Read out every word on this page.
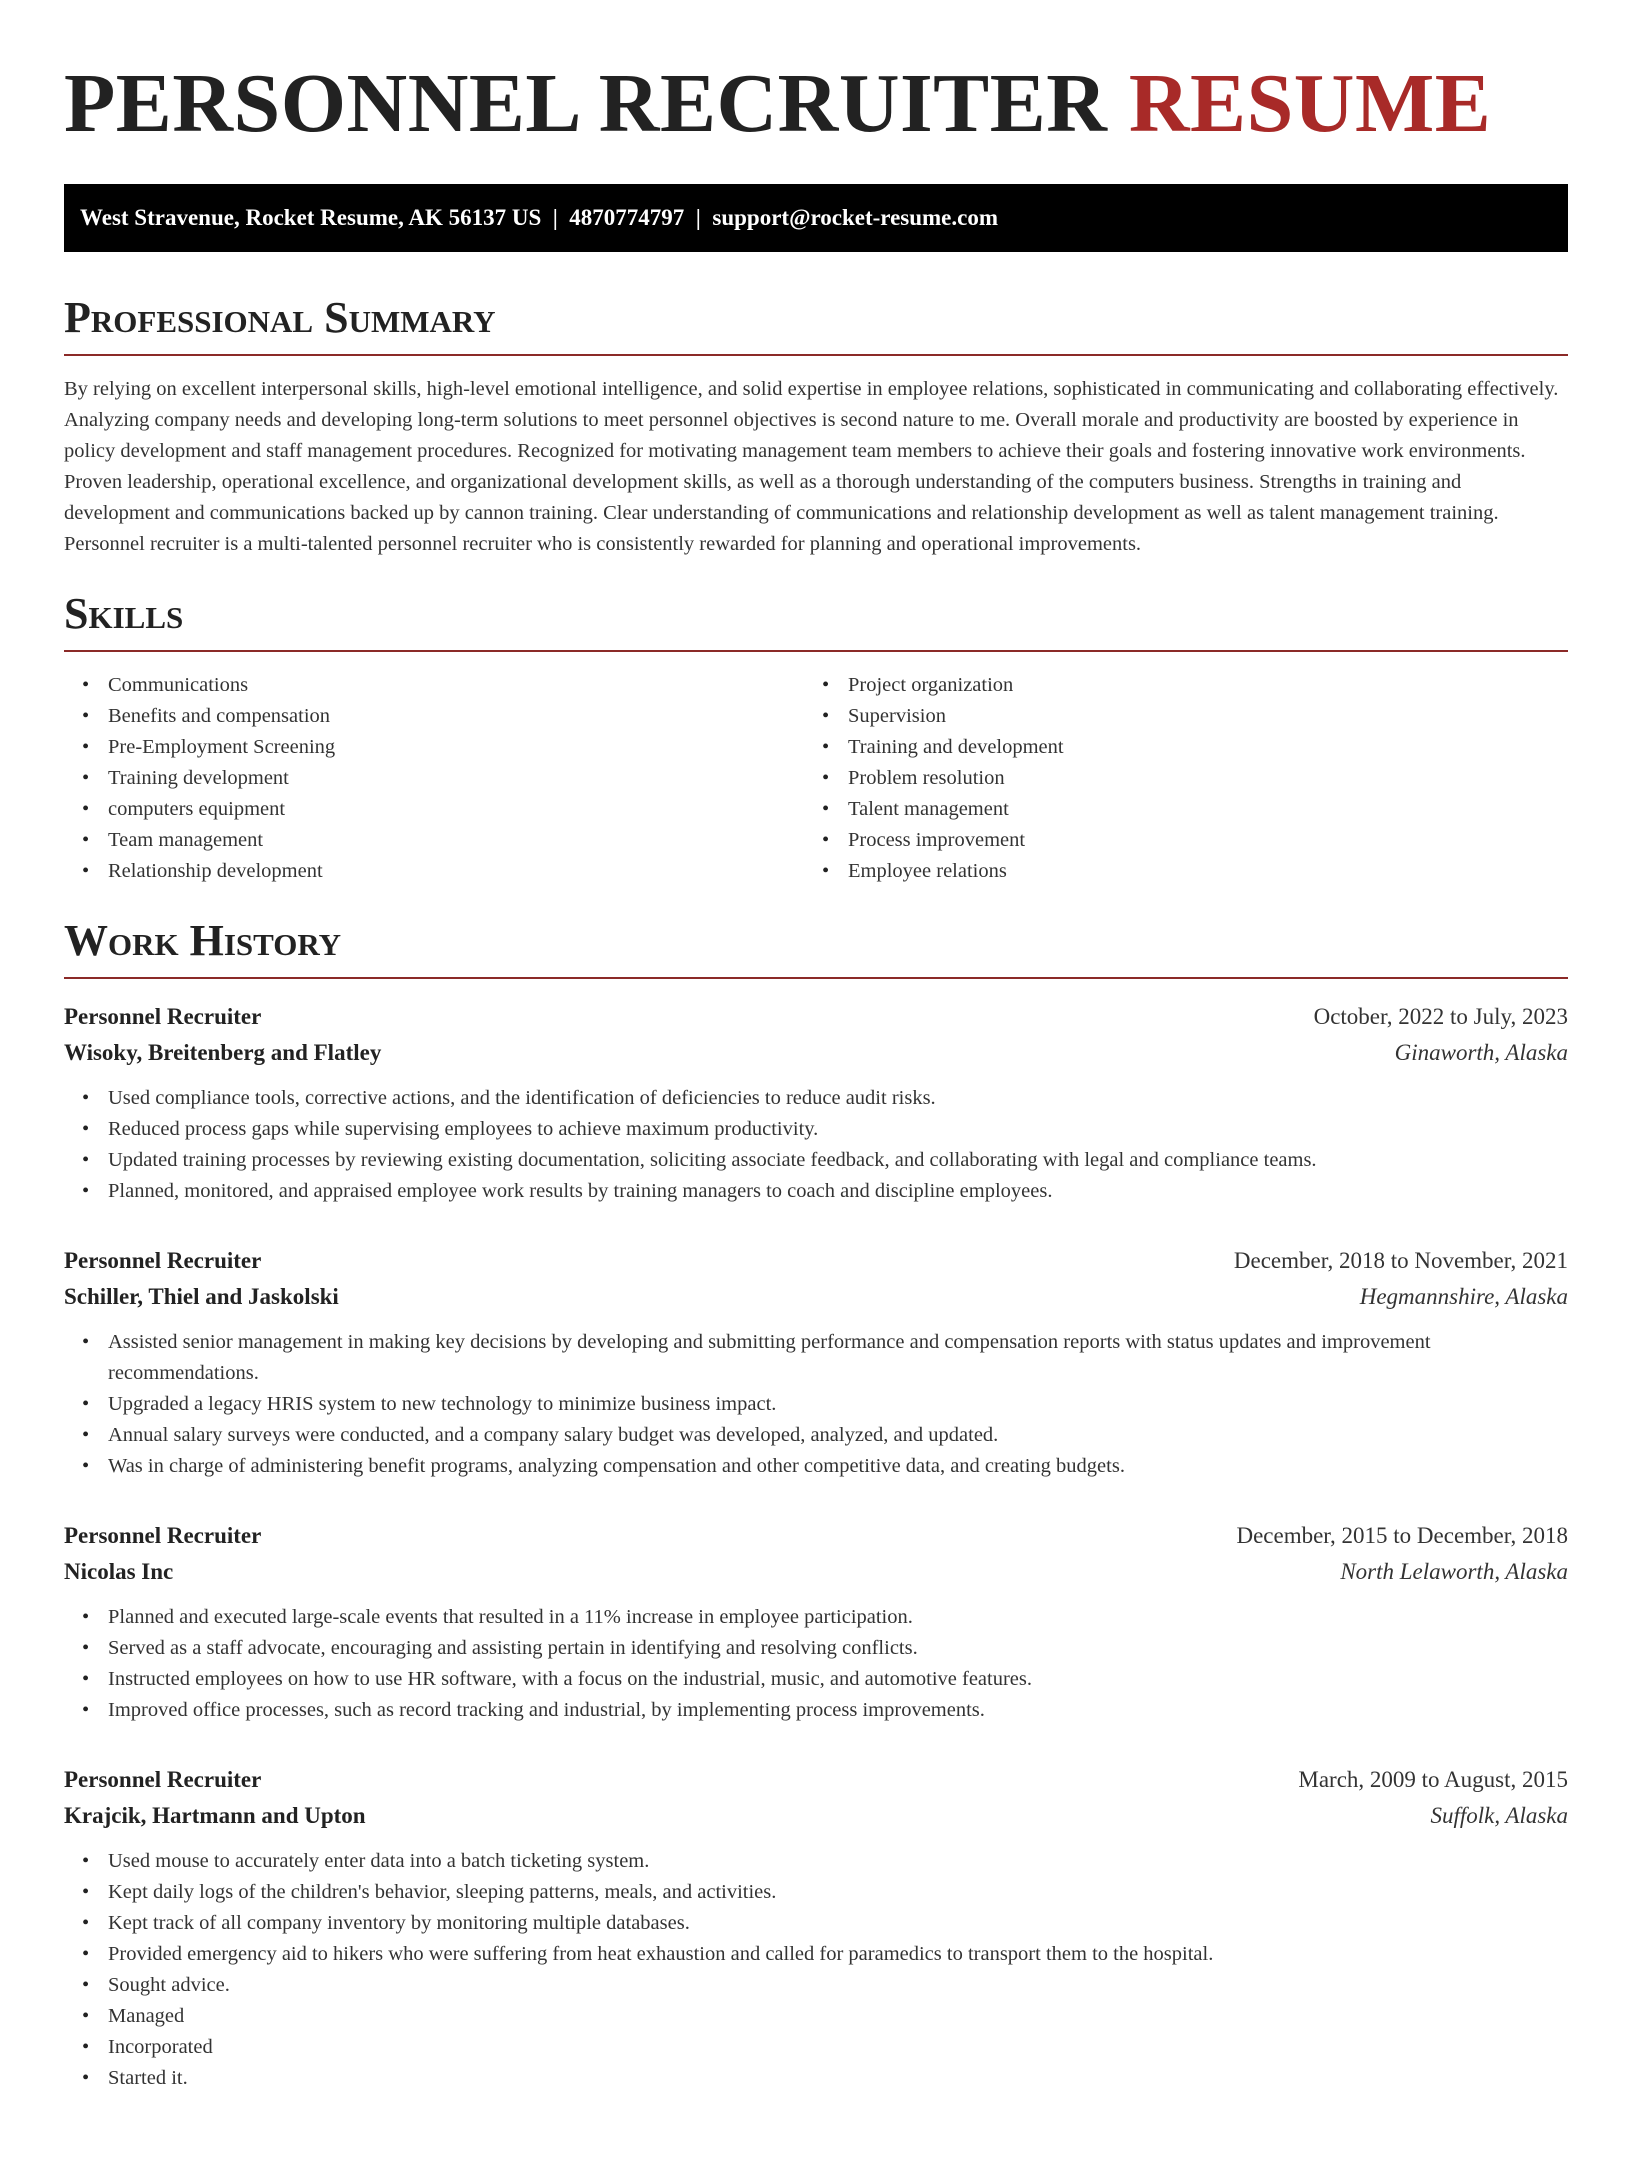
PERSONNEL RECRUITER RESUME
West Stravenue, Rocket Resume, AK 56137 US  |  4870774797  |  support@rocket-resume.com
Professional Summary
By relying on excellent interpersonal skills, high-level emotional intelligence, and solid expertise in employee relations, sophisticated in communicating and collaborating effectively. Analyzing company needs and developing long-term solutions to meet personnel objectives is second nature to me. Overall morale and productivity are boosted by experience in policy development and staff management procedures. Recognized for motivating management team members to achieve their goals and fostering innovative work environments. Proven leadership, operational excellence, and organizational development skills, as well as a thorough understanding of the computers business. Strengths in training and development and communications backed up by cannon training. Clear understanding of communications and relationship development as well as talent management training. Personnel recruiter is a multi-talented personnel recruiter who is consistently rewarded for planning and operational improvements.
Skills
• Communications
• Benefits and compensation
• Pre-Employment Screening
• Training development
• computers equipment
• Team management
• Relationship development
• Project organization
• Supervision
• Training and development
• Problem resolution
• Talent management
• Process improvement
• Employee relations
Work History
Personnel Recruiter	October, 2022 to July, 2023
Wisoky, Breitenberg and Flatley	Ginaworth, Alaska
• Used compliance tools, corrective actions, and the identification of deficiencies to reduce audit risks.
• Reduced process gaps while supervising employees to achieve maximum productivity.
• Updated training processes by reviewing existing documentation, soliciting associate feedback, and collaborating with legal and compliance teams.
• Planned, monitored, and appraised employee work results by training managers to coach and discipline employees.
Personnel Recruiter	December, 2018 to November, 2021
Schiller, Thiel and Jaskolski	Hegmannshire, Alaska
• Assisted senior management in making key decisions by developing and submitting performance and compensation reports with status updates and improvement recommendations.
• Upgraded a legacy HRIS system to new technology to minimize business impact.
• Annual salary surveys were conducted, and a company salary budget was developed, analyzed, and updated.
• Was in charge of administering benefit programs, analyzing compensation and other competitive data, and creating budgets.
Personnel Recruiter	December, 2015 to December, 2018
Nicolas Inc	North Lelaworth, Alaska
• Planned and executed large-scale events that resulted in a 11% increase in employee participation.
• Served as a staff advocate, encouraging and assisting pertain in identifying and resolving conflicts.
• Instructed employees on how to use HR software, with a focus on the industrial, music, and automotive features.
• Improved office processes, such as record tracking and industrial, by implementing process improvements.
Personnel Recruiter	March, 2009 to August, 2015
Krajcik, Hartmann and Upton	Suffolk, Alaska
• Used mouse to accurately enter data into a batch ticketing system.
• Kept daily logs of the children's behavior, sleeping patterns, meals, and activities.
• Kept track of all company inventory by monitoring multiple databases.
• Provided emergency aid to hikers who were suffering from heat exhaustion and called for paramedics to transport them to the hospital.
• Sought advice.
• Managed
• Incorporated
• Started it.
